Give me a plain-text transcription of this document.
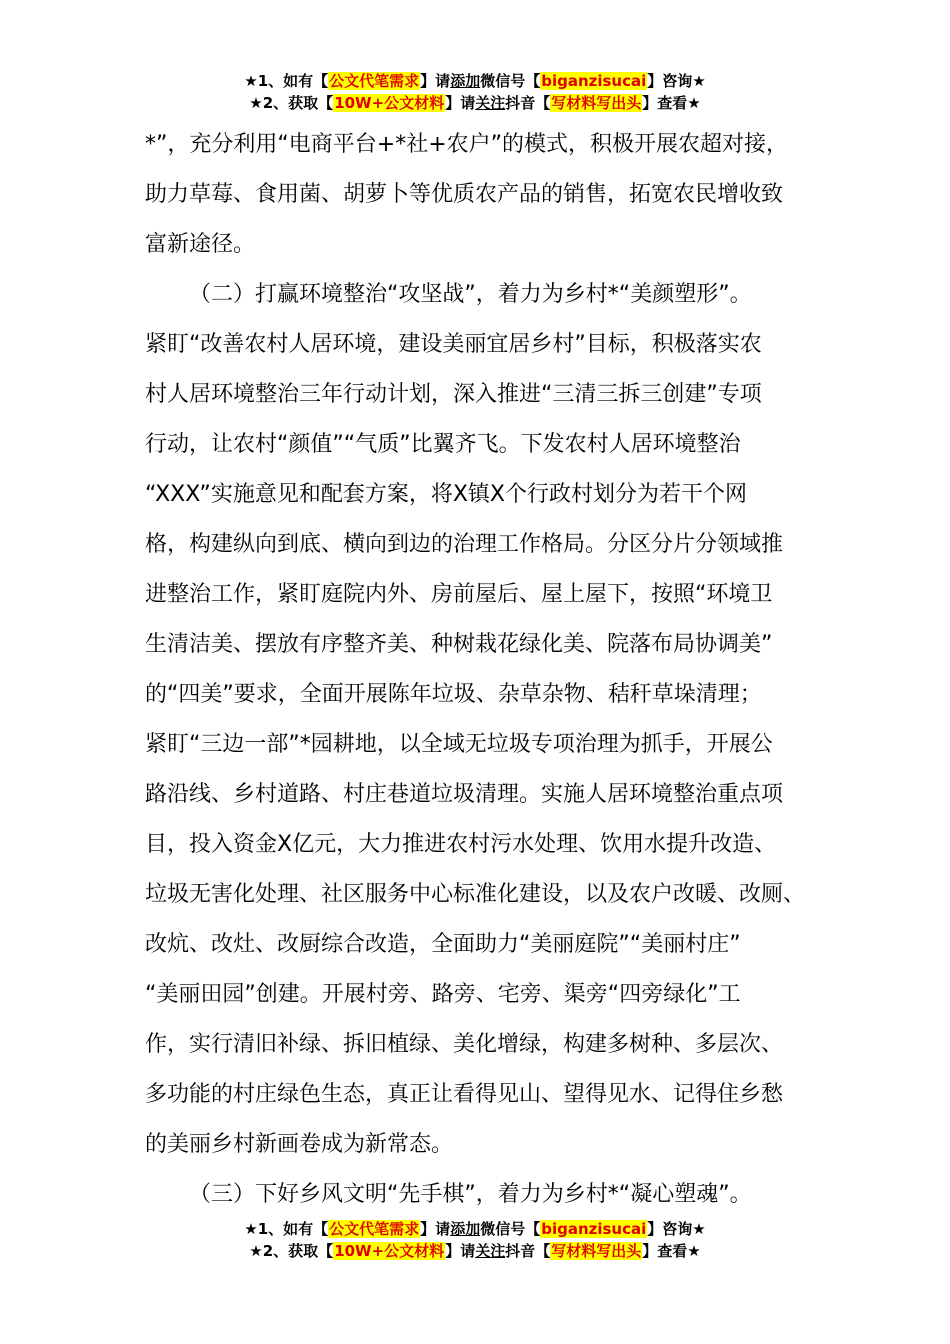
★1、如有【公文代笔需求】请添加微信号【biganzisucai】咨询★
★2、获取【10W+公文材料】请关注抖音【写材料写出头】查看★
*”，充分利用“电商平台+*社+农户”的模式，积极开展农超对接，
助力草莓、食用菌、胡萝卜等优质农产品的销售，拓宽农民增收致
富新途径。
（二）打赢环境整治“攻坚战”，着力为乡村*“美颜塑形”。
紧盯“改善农村人居环境，建设美丽宜居乡村”目标，积极落实农
村人居环境整治三年行动计划，深入推进“三清三拆三创建”专项
行动，让农村“颜值”“气质”比翼齐飞。下发农村人居环境整治
“XXX”实施意见和配套方案，将X镇X个行政村划分为若干个网
格，构建纵向到底、横向到边的治理工作格局。分区分片分领域推
进整治工作，紧盯庭院内外、房前屋后、屋上屋下，按照“环境卫
生清洁美、摆放有序整齐美、种树栽花绿化美、院落布局协调美”
的“四美”要求，全面开展陈年垃圾、杂草杂物、秸秆草垛清理；
紧盯“三边一部”*园耕地，以全域无垃圾专项治理为抓手，开展公
路沿线、乡村道路、村庄巷道垃圾清理。实施人居环境整治重点项
目，投入资金X亿元，大力推进农村污水处理、饮用水提升改造、
垃圾无害化处理、社区服务中心标准化建设，以及农户改暖、改厕、
改炕、改灶、改厨综合改造，全面助力“美丽庭院”“美丽村庄”
“美丽田园”创建。开展村旁、路旁、宅旁、渠旁“四旁绿化”工
作，实行清旧补绿、拆旧植绿、美化增绿，构建多树种、多层次、
多功能的村庄绿色生态，真正让看得见山、望得见水、记得住乡愁
的美丽乡村新画卷成为新常态。
（三）下好乡风文明“先手棋”，着力为乡村*“凝心塑魂”。
★1、如有【公文代笔需求】请添加微信号【biganzisucai】咨询★
★2、获取【10W+公文材料】请关注抖音【写材料写出头】查看★
